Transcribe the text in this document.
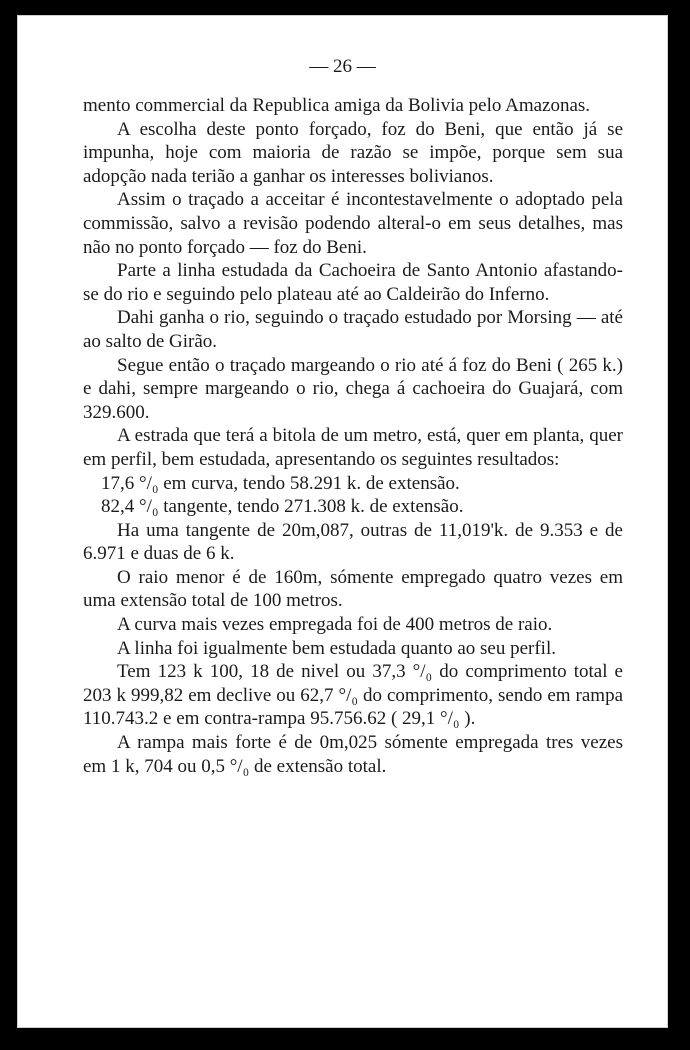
— 26 —

mento commercial da Republica amiga da Bolivia pelo Amazonas.

A escolha deste ponto forçado, foz do Beni, que então já se impunha, hoje com maioria de razão se impõe, porque sem sua adopção nada terião a ganhar os interesses bolivianos.

Assim o traçado a acceitar é incontestavelmente o adoptado pela commissão, salvo a revisão podendo alteral-o em seus detalhes, mas não no ponto forçado — foz do Beni.

Parte a linha estudada da Cachoeira de Santo Antonio afastando-se do rio e seguindo pelo plateau até ao Caldeirão do Inferno.

Dahi ganha o rio, seguindo o traçado estudado por Morsing — até ao salto de Girão.

Segue então o traçado margeando o rio até á foz do Beni ( 265 k.) e dahi, sempre margeando o rio, chega á cachoeira do Guajará, com 329.600.

A estrada que terá a bitola de um metro, está, quer em planta, quer em perfil, bem estudada, apresentando os seguintes resultados:

17,6 °/₀ em curva, tendo 58.291 k. de extensão.

82,4 °/₀ tangente, tendo 271.308 k. de extensão.

Ha uma tangente de 20m,087, outras de 11,019'k. de 9.353 e de 6.971 e duas de 6 k.

O raio menor é de 160m, sómente empregado quatro vezes em uma extensão total de 100 metros.

A curva mais vezes empregada foi de 400 metros de raio.

A linha foi igualmente bem estudada quanto ao seu perfil.

Tem 123 k 100, 18 de nivel ou 37,3 °/₀ do comprimento total e 203 k 999,82 em declive ou 62,7 °/₀ do comprimento, sendo em rampa 110.743.2 e em contra-rampa 95.756.62 ( 29,1 °/₀ ).

A rampa mais forte é de 0m,025 sómente empregada tres vezes em 1 k, 704 ou 0,5 °/₀ de extensão total.
